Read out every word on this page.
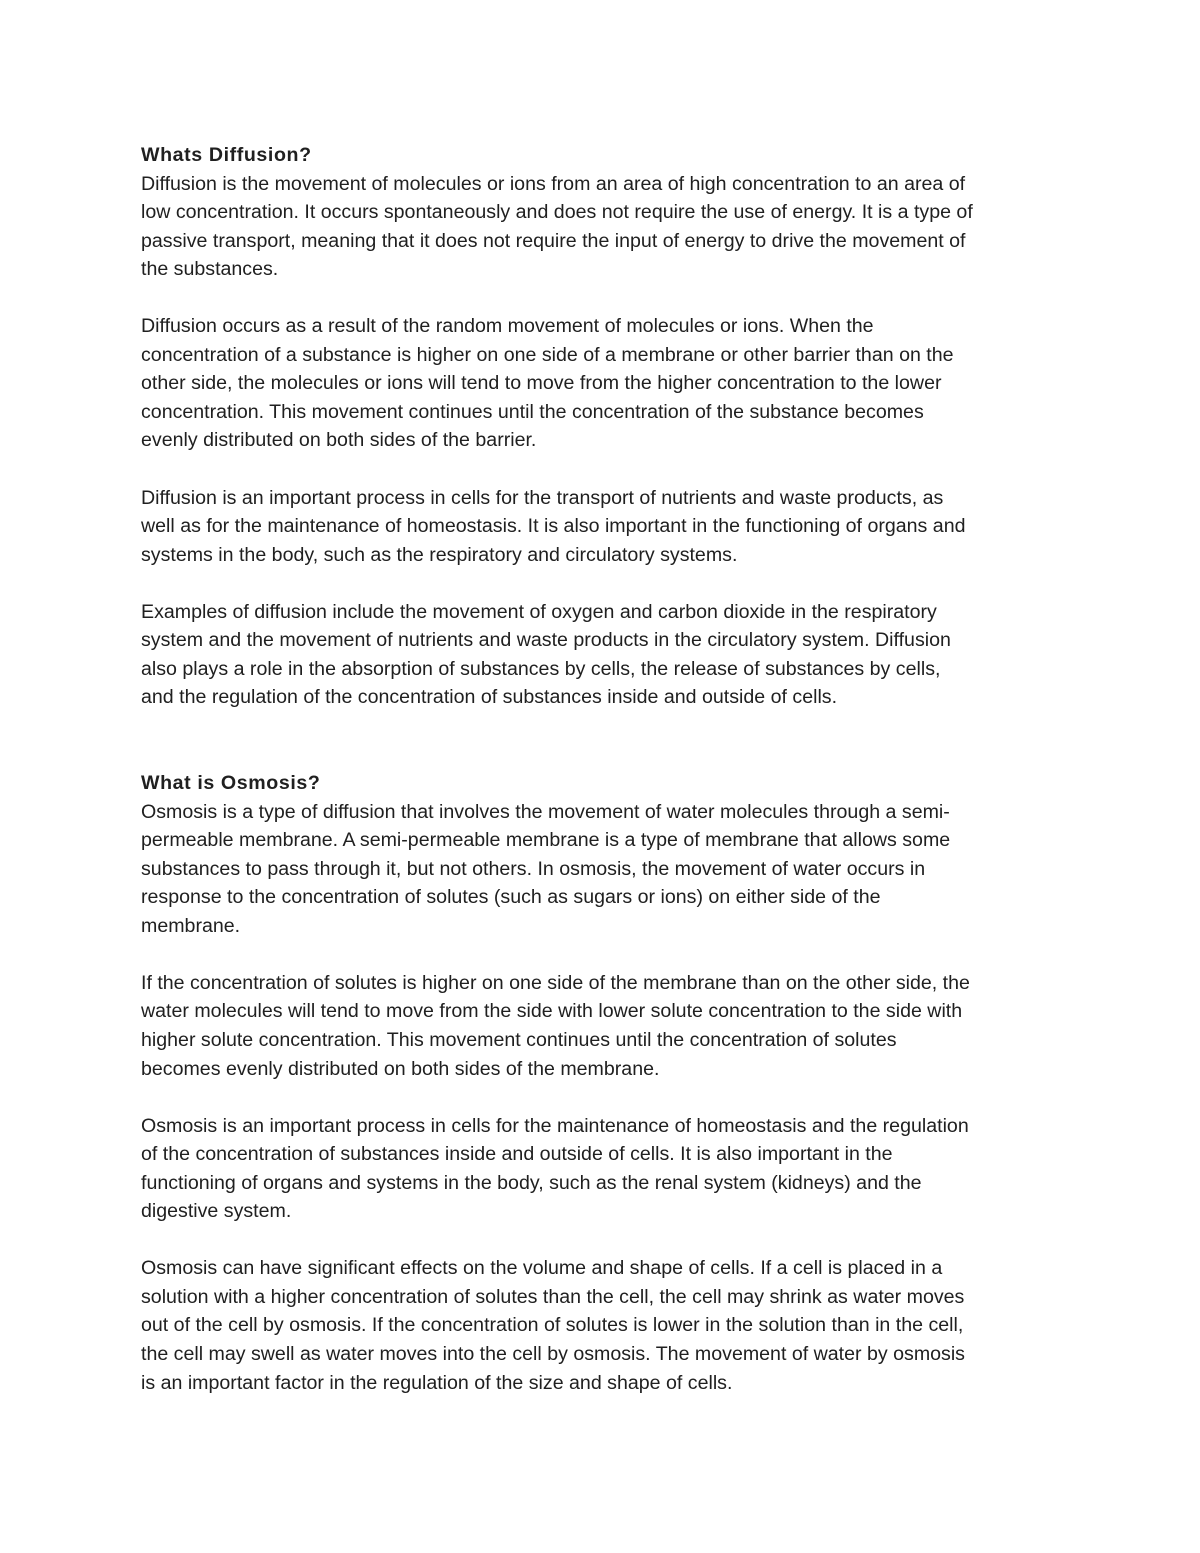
Whats Diffusion?

Diffusion is the movement of molecules or ions from an area of high concentration to an area of
low concentration. It occurs spontaneously and does not require the use of energy. It is a type of
passive transport, meaning that it does not require the input of energy to drive the movement of
the substances.

Diffusion occurs as a result of the random movement of molecules or ions. When the
concentration of a substance is higher on one side of a membrane or other barrier than on the
other side, the molecules or ions will tend to move from the higher concentration to the lower
concentration. This movement continues until the concentration of the substance becomes
evenly distributed on both sides of the barrier.

Diffusion is an important process in cells for the transport of nutrients and waste products, as
well as for the maintenance of homeostasis. It is also important in the functioning of organs and
systems in the body, such as the respiratory and circulatory systems.

Examples of diffusion include the movement of oxygen and carbon dioxide in the respiratory
system and the movement of nutrients and waste products in the circulatory system. Diffusion
also plays a role in the absorption of substances by cells, the release of substances by cells,
and the regulation of the concentration of substances inside and outside of cells.

What is Osmosis?

Osmosis is a type of diffusion that involves the movement of water molecules through a semi-
permeable membrane. A semi-permeable membrane is a type of membrane that allows some
substances to pass through it, but not others. In osmosis, the movement of water occurs in
response to the concentration of solutes (such as sugars or ions) on either side of the
membrane.

If the concentration of solutes is higher on one side of the membrane than on the other side, the
water molecules will tend to move from the side with lower solute concentration to the side with
higher solute concentration. This movement continues until the concentration of solutes
becomes evenly distributed on both sides of the membrane.

Osmosis is an important process in cells for the maintenance of homeostasis and the regulation
of the concentration of substances inside and outside of cells. It is also important in the
functioning of organs and systems in the body, such as the renal system (kidneys) and the
digestive system.

Osmosis can have significant effects on the volume and shape of cells. If a cell is placed in a
solution with a higher concentration of solutes than the cell, the cell may shrink as water moves
out of the cell by osmosis. If the concentration of solutes is lower in the solution than in the cell,
the cell may swell as water moves into the cell by osmosis. The movement of water by osmosis
is an important factor in the regulation of the size and shape of cells.
